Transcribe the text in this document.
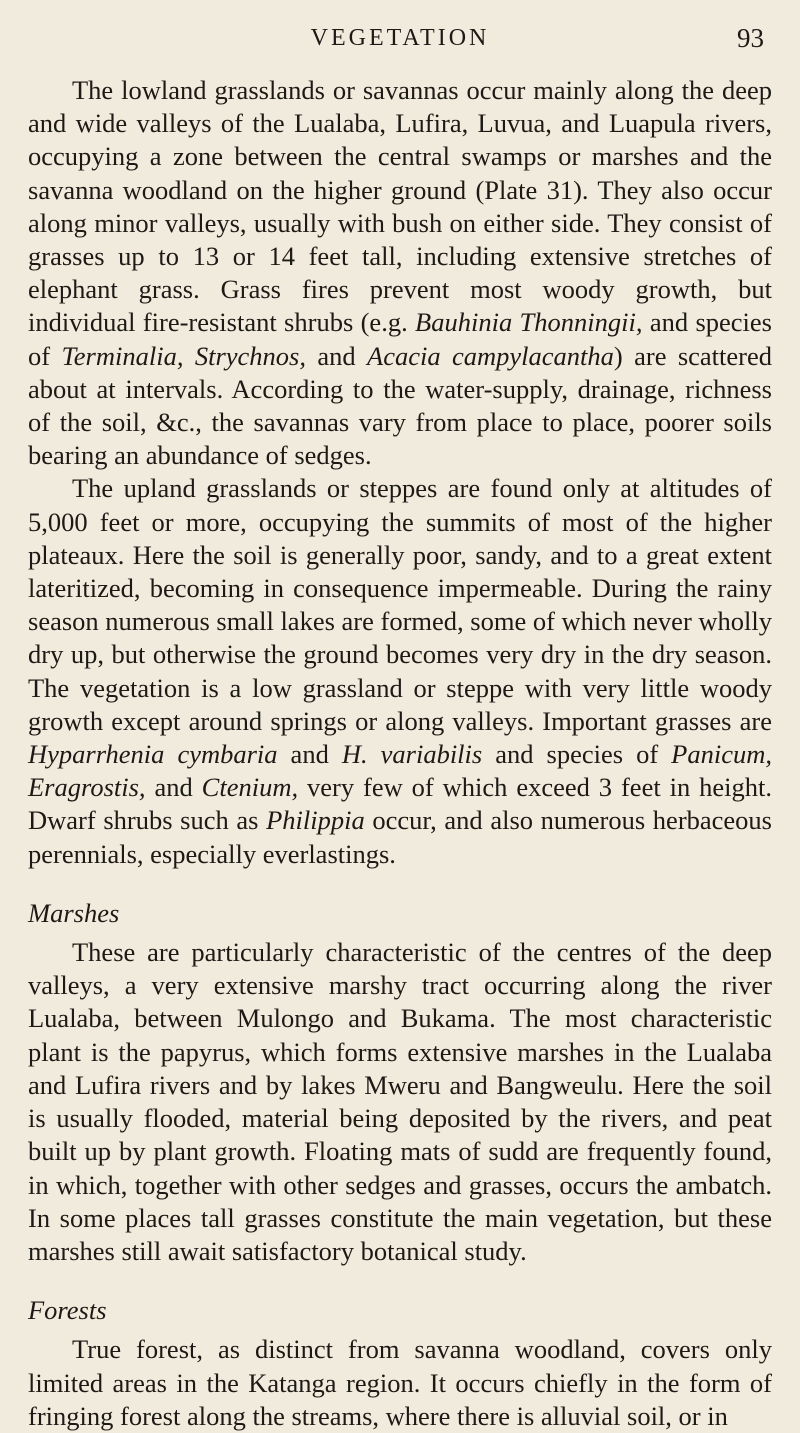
VEGETATION	93

The lowland grasslands or savannas occur mainly along the deep and wide valleys of the Lualaba, Lufira, Luvua, and Luapula rivers, occupying a zone between the central swamps or marshes and the savanna woodland on the higher ground (Plate 31). They also occur along minor valleys, usually with bush on either side. They consist of grasses up to 13 or 14 feet tall, including extensive stretches of elephant grass. Grass fires prevent most woody growth, but individual fire-resistant shrubs (e.g. Bauhinia Thonningii, and species of Terminalia, Strychnos, and Acacia campylacantha) are scattered about at intervals. According to the water-supply, drainage, richness of the soil, &c., the savannas vary from place to place, poorer soils bearing an abundance of sedges.

The upland grasslands or steppes are found only at altitudes of 5,000 feet or more, occupying the summits of most of the higher plateaux. Here the soil is generally poor, sandy, and to a great extent lateritized, becoming in consequence impermeable. During the rainy season numerous small lakes are formed, some of which never wholly dry up, but otherwise the ground becomes very dry in the dry season. The vegetation is a low grassland or steppe with very little woody growth except around springs or along valleys. Important grasses are Hyparrhenia cymbaria and H. variabilis and species of Panicum, Eragrostis, and Ctenium, very few of which exceed 3 feet in height. Dwarf shrubs such as Philippia occur, and also numerous herbaceous perennials, especially everlastings.

Marshes

These are particularly characteristic of the centres of the deep valleys, a very extensive marshy tract occurring along the river Lualaba, between Mulongo and Bukama. The most characteristic plant is the papyrus, which forms extensive marshes in the Lualaba and Lufira rivers and by lakes Mweru and Bangweulu. Here the soil is usually flooded, material being deposited by the rivers, and peat built up by plant growth. Floating mats of sudd are frequently found, in which, together with other sedges and grasses, occurs the ambatch. In some places tall grasses constitute the main vegetation, but these marshes still await satisfactory botanical study.

Forests

True forest, as distinct from savanna woodland, covers only limited areas in the Katanga region. It occurs chiefly in the form of fringing forest along the streams, where there is alluvial soil, or in
